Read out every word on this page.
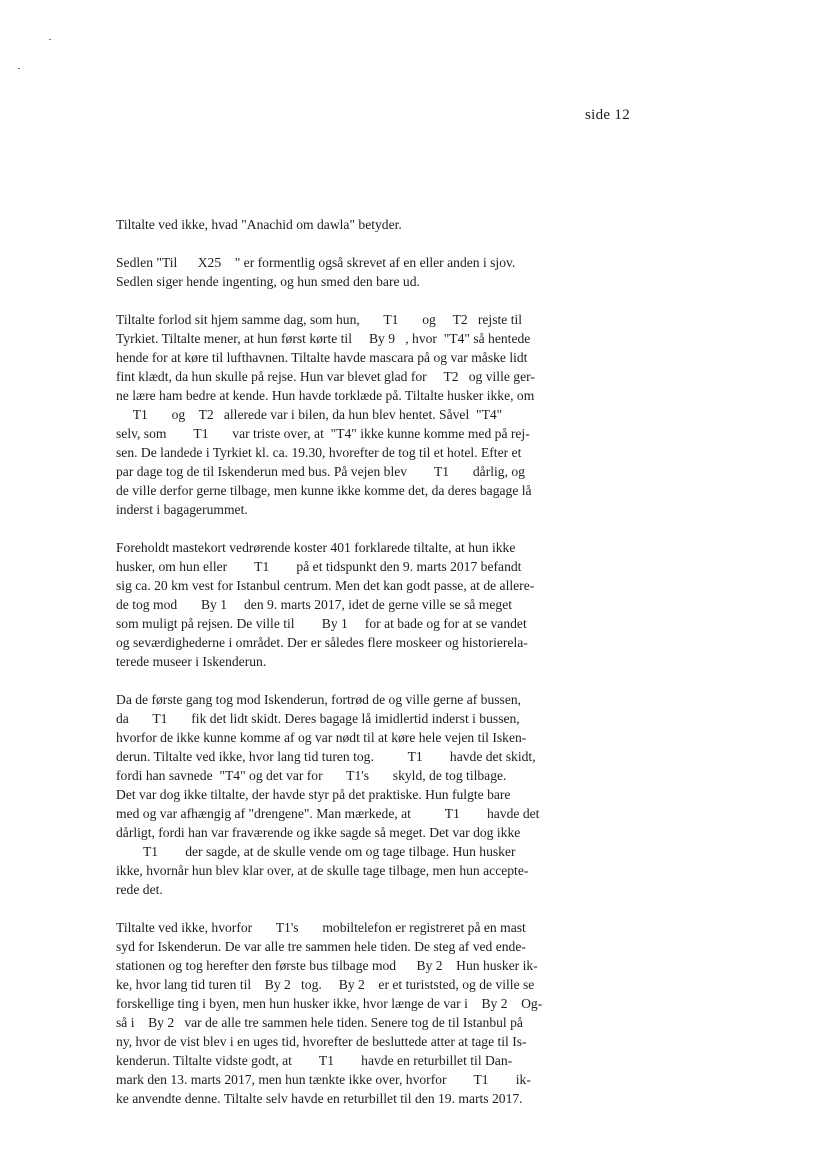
side 12
Tiltalte ved ikke, hvad "Anachid om dawla" betyder.
Sedlen "Til      X25    " er formentlig også skrevet af en eller anden i sjov.
Sedlen siger hende ingenting, og hun smed den bare ud.
Tiltalte forlod sit hjem samme dag, som hun,       T1       og     T2   rejste til
Tyrkiet. Tiltalte mener, at hun først kørte til     By 9   , hvor  "T4" så hentede
hende for at køre til lufthavnen. Tiltalte havde mascara på og var måske lidt
fint klædt, da hun skulle på rejse. Hun var blevet glad for     T2   og ville ger-
ne lære ham bedre at kende. Hun havde torklæde på. Tiltalte husker ikke, om
T1       og    T2   allerede var i bilen, da hun blev hentet. Såvel  "T4"
selv, som        T1       var triste over, at  "T4" ikke kunne komme med på rej-
sen. De landede i Tyrkiet kl. ca. 19.30, hvorefter de tog til et hotel. Efter et
par dage tog de til Iskenderun med bus. På vejen blev        T1       dårlig, og
de ville derfor gerne tilbage, men kunne ikke komme det, da deres bagage lå
inderst i bagagerummet.
Foreholdt mastekort vedrørende koster 401 forklarede tiltalte, at hun ikke
husker, om hun eller        T1        på et tidspunkt den 9. marts 2017 befandt
sig ca. 20 km vest for Istanbul centrum. Men det kan godt passe, at de allere-
de tog mod       By 1     den 9. marts 2017, idet de gerne ville se så meget
som muligt på rejsen. De ville til        By 1     for at bade og for at se vandet
og seværdighederne i området. Der er således flere moskeer og historierela-
terede museer i Iskenderun.
Da de første gang tog mod Iskenderun, fortrød de og ville gerne af bussen,
da       T1       fik det lidt skidt. Deres bagage lå imidlertid inderst i bussen,
hvorfor de ikke kunne komme af og var nødt til at køre hele vejen til Isken-
derun. Tiltalte ved ikke, hvor lang tid turen tog.          T1        havde det skidt,
fordi han savnede  "T4" og det var for       T1's       skyld, de tog tilbage.
Det var dog ikke tiltalte, der havde styr på det praktiske. Hun fulgte bare
med og var afhængig af "drengene". Man mærkede, at          T1        havde det
dårligt, fordi han var fraværende og ikke sagde så meget. Det var dog ikke
T1        der sagde, at de skulle vende om og tage tilbage. Hun husker
ikke, hvornår hun blev klar over, at de skulle tage tilbage, men hun accepte-
rede det.
Tiltalte ved ikke, hvorfor       T1's       mobiltelefon er registreret på en mast
syd for Iskenderun. De var alle tre sammen hele tiden. De steg af ved ende-
stationen og tog herefter den første bus tilbage mod      By 2    Hun husker ik-
ke, hvor lang tid turen til    By 2   tog.     By 2    er et turiststed, og de ville se
forskellige ting i byen, men hun husker ikke, hvor længe de var i    By 2    Og-
så i    By 2   var de alle tre sammen hele tiden. Senere tog de til Istanbul på
ny, hvor de vist blev i en uges tid, hvorefter de besluttede atter at tage til Is-
kenderun. Tiltalte vidste godt, at        T1        havde en returbillet til Dan-
mark den 13. marts 2017, men hun tænkte ikke over, hvorfor        T1        ik-
ke anvendte denne. Tiltalte selv havde en returbillet til den 19. marts 2017.
